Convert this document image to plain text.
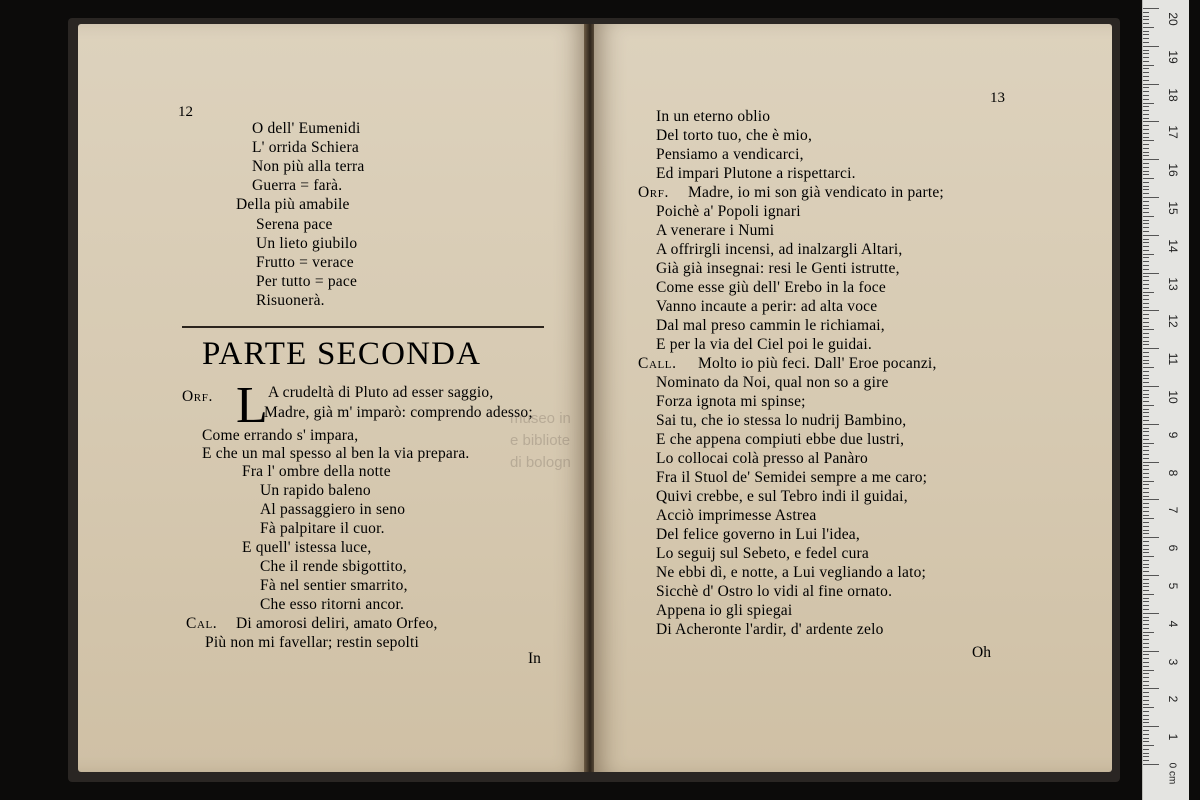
12
O dell' Eumenidi
L' orrida Schiera
Non più alla terra
Guerra = farà.
Della più amabile
Serena pace
Un lieto giubilo
Frutto = verace
Per tutto = pace
Risuonerà.
PARTE SECONDA
Orf. L A crudeltà di Pluto ad esser saggio,
Madre, già m' imparò: comprendo adesso;
Come errando s' impara,
E che un mal spesso al ben la via prepara.
Fra l' ombre della notte
Un rapido baleno
Al passaggiero in seno
Fà palpitare il cuor.
E quell' istessa luce,
Che il rende sbigottito,
Fà nel sentier smarrito,
Che esso ritorni ancor.
Cal. Di amorosi deliri, amato Orfeo,
Più non mi favellar; restin sepolti
In
museo in
e bibliote
di bologn
13
Oh
In un eterno oblio
Del torto tuo, che è mio,
Pensiamo a vendicarci,
Ed impari Plutone a rispettarci.
Orf. Madre, io mi son già vendicato in parte;
Poichè a' Popoli ignari
A venerare i Numi
A offrirgli incensi, ad inalzargli Altari,
Già già insegnai: resi le Genti istrutte,
Come esse giù dell' Erebo in la foce
Vanno incaute a perir: ad alta voce
Dal mal preso cammin le richiamai,
E per la via del Ciel poi le guidai.
Call. Molto io più feci. Dall' Eroe pocanzi,
Nominato da Noi, qual non so a gire
Forza ignota mi spinse;
Sai tu, che io stessa lo nudrij Bambino,
E che appena compiuti ebbe due lustri,
Lo collocai colà presso al Panàro
Fra il Stuol de' Semidei sempre a me caro;
Quivi crebbe, e sul Tebro indi il guidai,
Acciò imprimesse Astrea
Del felice governo in Lui l'idea,
Lo seguij sul Sebeto, e fedel cura
Ne ebbi dì, e notte, a Lui vegliando a lato;
Sicchè d' Ostro lo vidi al fine ornato.
Appena io gli spiegai
Di Acheronte l'ardir, d' ardente zelo
20
19
18
17
16
15
14
13
12
11
10
9
8
7
6
5
4
3
2
1
0 cm
